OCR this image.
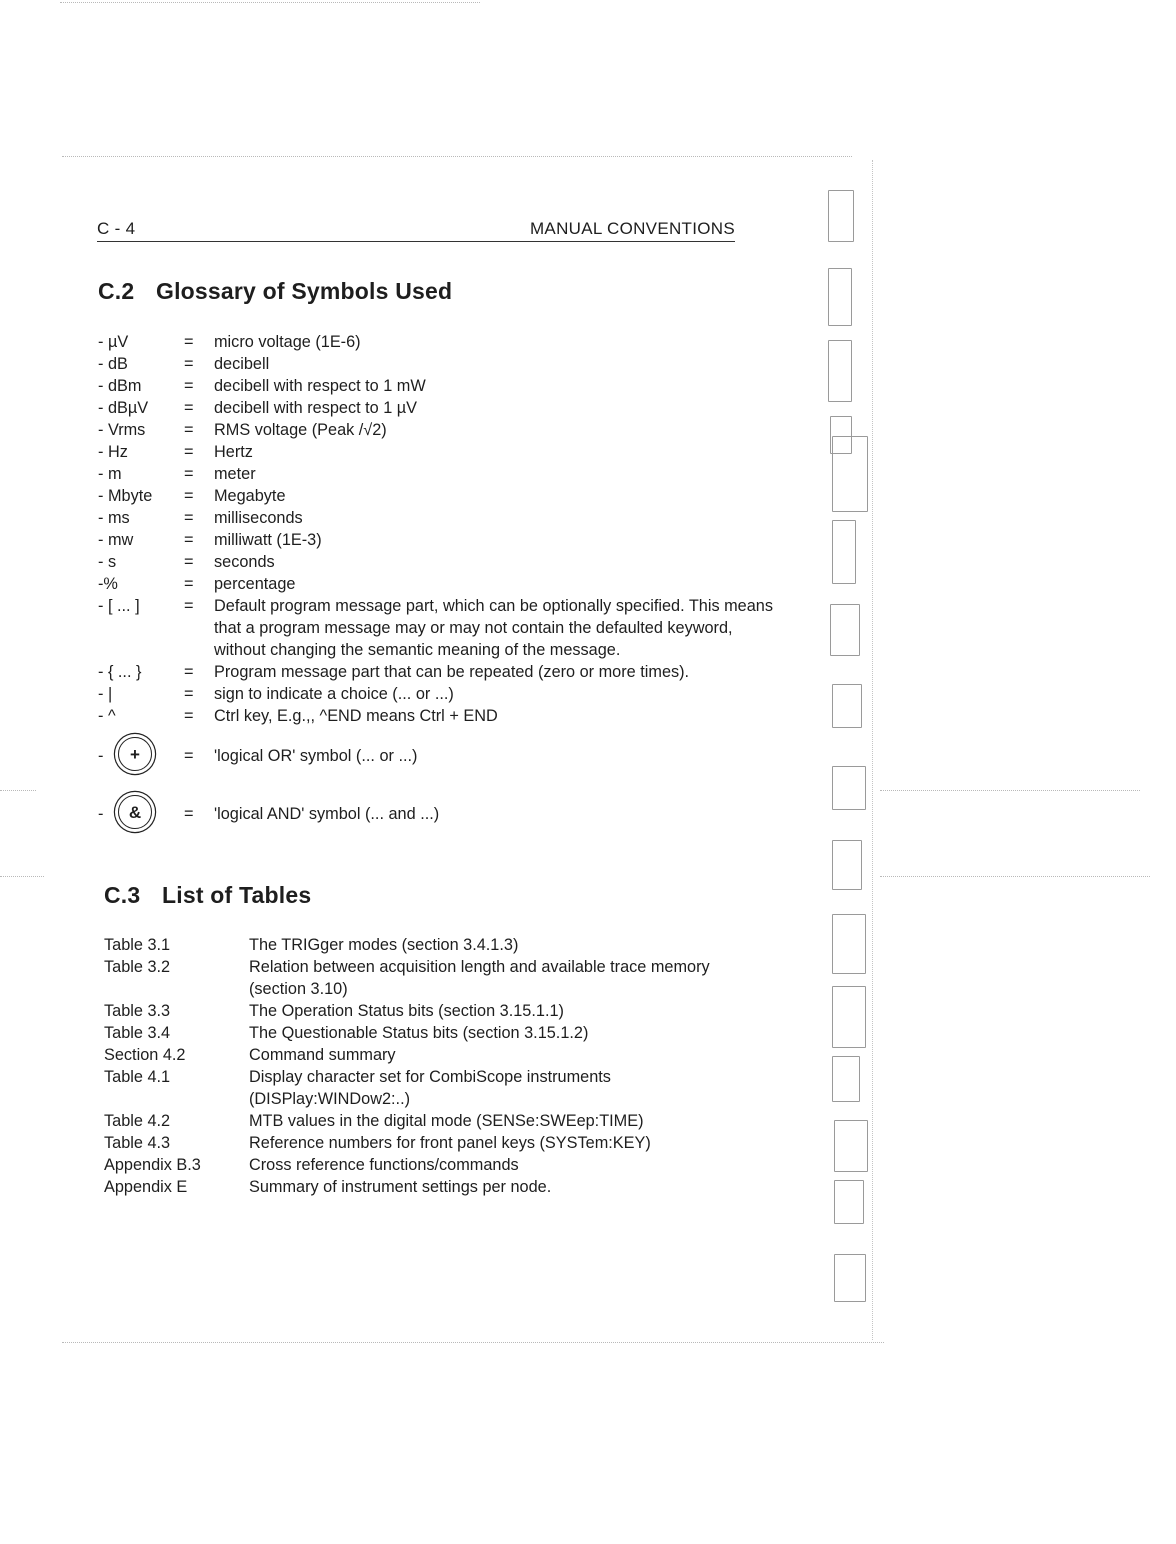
C - 4	MANUAL CONVENTIONS
C.2 Glossary of Symbols Used
- µV	=	micro voltage (1E-6)
- dB	=	decibell
- dBm	=	decibell with respect to 1 mW
- dBµV	=	decibell with respect to 1 µV
- Vrms	=	RMS voltage (Peak /√2)
- Hz	=	Hertz
- m	=	meter
- Mbyte	=	Megabyte
- ms	=	milliseconds
- mw	=	milliwatt (1E-3)
- s	=	seconds
-%	=	percentage
- [ ... ]	=	Default program message part, which can be optionally specified. This means that a program message may or may not contain the defaulted keyword, without changing the semantic meaning of the message.
- { ... }	=	Program message part that can be repeated (zero or more times).
- |	=	sign to indicate a choice (... or ...)
- ^	=	Ctrl key, E.g.,, ^END means Ctrl + END
-	+	=	'logical OR' symbol (... or ...)
-	&	=	'logical AND' symbol (... and ...)
C.3 List of Tables
Table 3.1	The TRIGger modes (section 3.4.1.3)
Table 3.2	Relation between acquisition length and available trace memory (section 3.10)
Table 3.3	The Operation Status bits (section 3.15.1.1)
Table 3.4	The Questionable Status bits (section 3.15.1.2)
Section 4.2	Command summary
Table 4.1	Display character set for CombiScope instruments (DISPlay:WINDow2:..)
Table 4.2	MTB values in the digital mode (SENSe:SWEep:TIME)
Table 4.3	Reference numbers for front panel keys (SYSTem:KEY)
Appendix B.3	Cross reference functions/commands
Appendix E	Summary of instrument settings per node.
